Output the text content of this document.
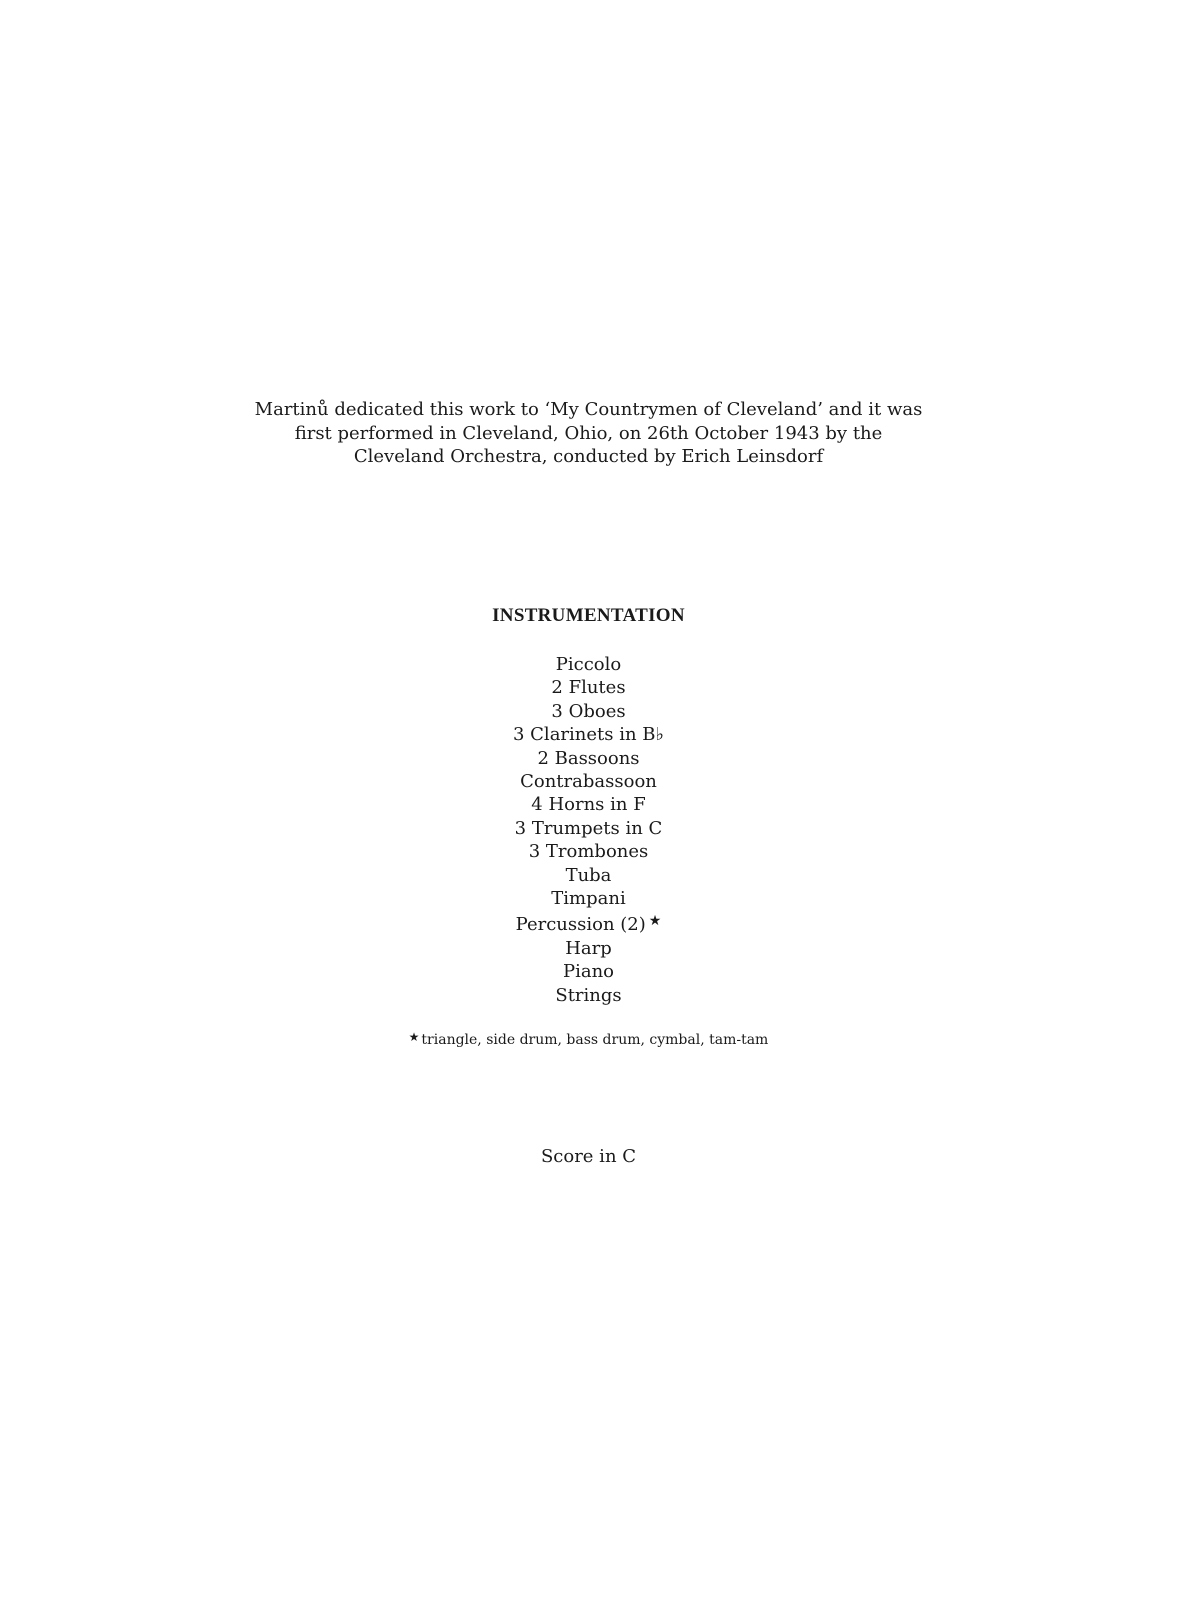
Martinů dedicated this work to ‘My Countrymen of Cleveland’ and it was
first performed in Cleveland, Ohio, on 26th October 1943 by the
Cleveland Orchestra, conducted by Erich Leinsdorf
INSTRUMENTATION
Piccolo
2 Flutes
3 Oboes
3 Clarinets in B♭
2 Bassoons
Contrabassoon
4 Horns in F
3 Trumpets in C
3 Trombones
Tuba
Timpani
Percussion (2) ★
Harp
Piano
Strings
★ triangle, side drum, bass drum, cymbal, tam-tam
Score in C
